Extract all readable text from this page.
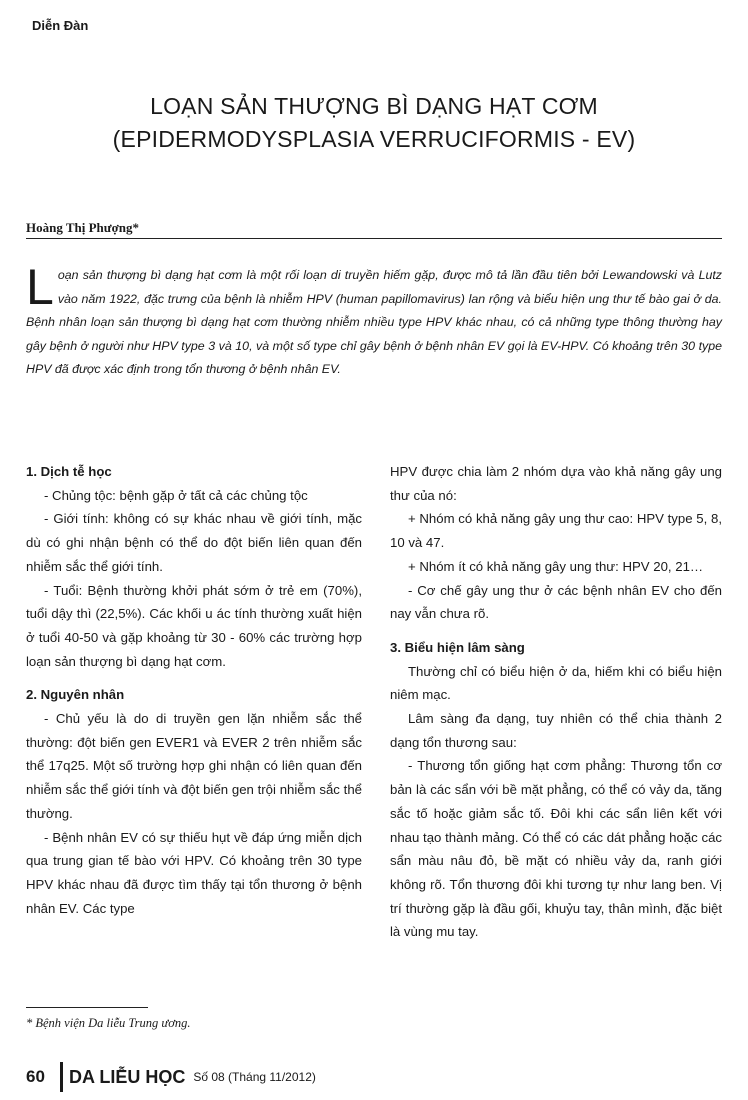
Diễn Đàn
LOẠN SẢN THƯỢNG BÌ DẠNG HẠT CƠM
(EPIDERMODYSPLASIA VERRUCIFORMIS - EV)
Hoàng Thị Phượng*
Loạn sản thượng bì dạng hạt cơm là một rối loạn di truyền hiếm gặp, được mô tả lần đầu tiên bởi Lewandowski và Lutz vào năm 1922, đặc trưng của bệnh là nhiễm HPV (human papillomavirus) lan rộng và biểu hiện ung thư tế bào gai ở da. Bệnh nhân loạn sản thượng bì dạng hạt cơm thường nhiễm nhiều type HPV khác nhau, có cả những type thông thường hay gây bệnh ở người như HPV type 3 và 10, và một số type chỉ gây bệnh ở bệnh nhân EV gọi là EV-HPV. Có khoảng trên 30 type HPV đã được xác định trong tổn thương ở bệnh nhân EV.
1. Dịch tễ học

- Chủng tộc: bệnh gặp ở tất cả các chủng tộc

- Giới tính: không có sự khác nhau về giới tính, mặc dù có ghi nhận bệnh có thể do đột biến liên quan đến nhiễm sắc thể giới tính.

- Tuổi: Bệnh thường khởi phát sớm ở trẻ em (70%), tuổi dậy thì (22,5%). Các khối u ác tính thường xuất hiện ở tuổi 40-50 và gặp khoảng từ 30 - 60% các trường hợp loạn sản thượng bì dạng hạt cơm.

2. Nguyên nhân

- Chủ yếu là do di truyền gen lặn nhiễm sắc thể thường: đột biến gen EVER1 và EVER 2 trên nhiễm sắc thể 17q25. Một số trường hợp ghi nhận có liên quan đến nhiễm sắc thể giới tính và đột biến gen trội nhiễm sắc thể thường.

- Bệnh nhân EV có sự thiếu hụt về đáp ứng miễn dịch qua trung gian tế bào với HPV. Có khoảng trên 30 type HPV khác nhau đã được tìm thấy tại tổn thương ở bệnh nhân EV. Các type

HPV được chia làm 2 nhóm dựa vào khả năng gây ung thư của nó:

+ Nhóm có khả năng gây ung thư cao: HPV type 5, 8, 10 và 47.

+ Nhóm ít có khả năng gây ung thư: HPV 20, 21…

- Cơ chế gây ung thư ở các bệnh nhân EV cho đến nay vẫn chưa rõ.

3. Biểu hiện lâm sàng

Thường chỉ có biểu hiện ở da, hiếm khi có biểu hiện niêm mạc.

Lâm sàng đa dạng, tuy nhiên có thể chia thành 2 dạng tổn thương sau:

- Thương tổn giống hạt cơm phẳng: Thương tổn cơ bản là các sẩn với bề mặt phẳng, có thể có vảy da, tăng sắc tố hoặc giảm sắc tố. Đôi khi các sẩn liên kết với nhau tạo thành mảng. Có thể có các dát phẳng hoặc các sẩn màu nâu đỏ, bề mặt có nhiều vảy da, ranh giới không rõ. Tổn thương đôi khi tương tự như lang ben. Vị trí thường gặp là đầu gối, khuỷu tay, thân mình, đặc biệt là vùng mu tay.

* Bệnh viện Da liễu Trung ương.
60	DA LIỄU HỌC Số 08 (Tháng 11/2012)
